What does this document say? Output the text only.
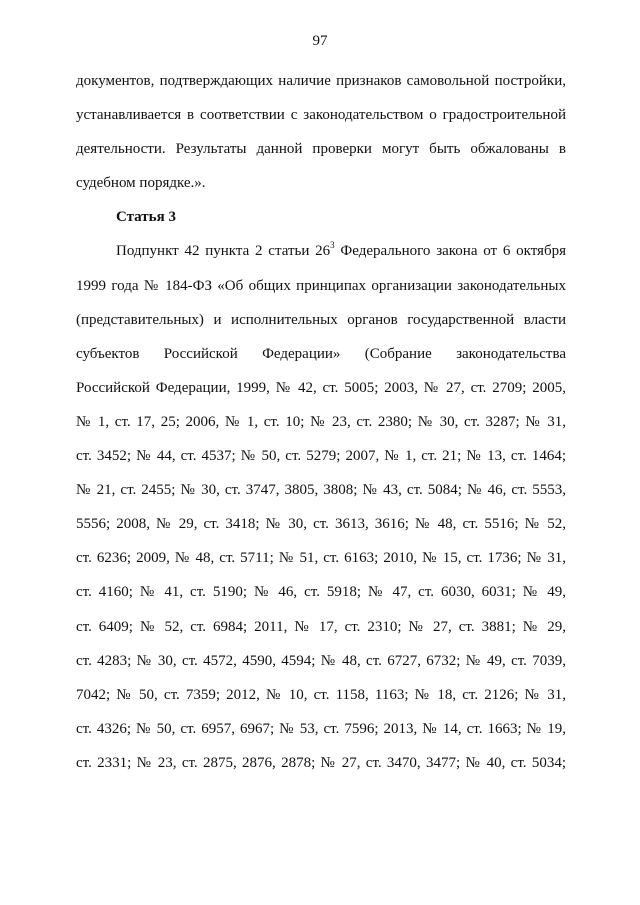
97
документов, подтверждающих наличие признаков самовольной постройки,
устанавливается в соответствии с законодательством о градостроительной
деятельности. Результаты данной проверки могут быть обжалованы в
судебном порядке.».
Статья 3
Подпункт 42 пункта 2 статьи $26^3$ Федерального закона от 6 октября
1999 года № 184-ФЗ «Об общих принципах организации законодательных
(представительных) и исполнительных органов государственной власти
субъектов Российской Федерации» (Собрание законодательства
Российской Федерации, 1999, № 42, ст. 5005; 2003, № 27, ст. 2709; 2005,
№ 1, ст. 17, 25; 2006, № 1, ст. 10; № 23, ст. 2380; № 30, ст. 3287; № 31,
ст. 3452; № 44, ст. 4537; № 50, ст. 5279; 2007, № 1, ст. 21; № 13, ст. 1464;
№ 21, ст. 2455; № 30, ст. 3747, 3805, 3808; № 43, ст. 5084; № 46, ст. 5553,
5556; 2008, № 29, ст. 3418; № 30, ст. 3613, 3616; № 48, ст. 5516; № 52,
ст. 6236; 2009, № 48, ст. 5711; № 51, ст. 6163; 2010, № 15, ст. 1736; № 31,
ст. 4160; № 41, ст. 5190; № 46, ст. 5918; № 47, ст. 6030, 6031; № 49,
ст. 6409; № 52, ст. 6984; 2011, № 17, ст. 2310; № 27, ст. 3881; № 29,
ст. 4283; № 30, ст. 4572, 4590, 4594; № 48, ст. 6727, 6732; № 49, ст. 7039,
7042; № 50, ст. 7359; 2012, № 10, ст. 1158, 1163; № 18, ст. 2126; № 31,
ст. 4326; № 50, ст. 6957, 6967; № 53, ст. 7596; 2013, № 14, ст. 1663; № 19,
ст. 2331; № 23, ст. 2875, 2876, 2878; № 27, ст. 3470, 3477; № 40, ст. 5034;
